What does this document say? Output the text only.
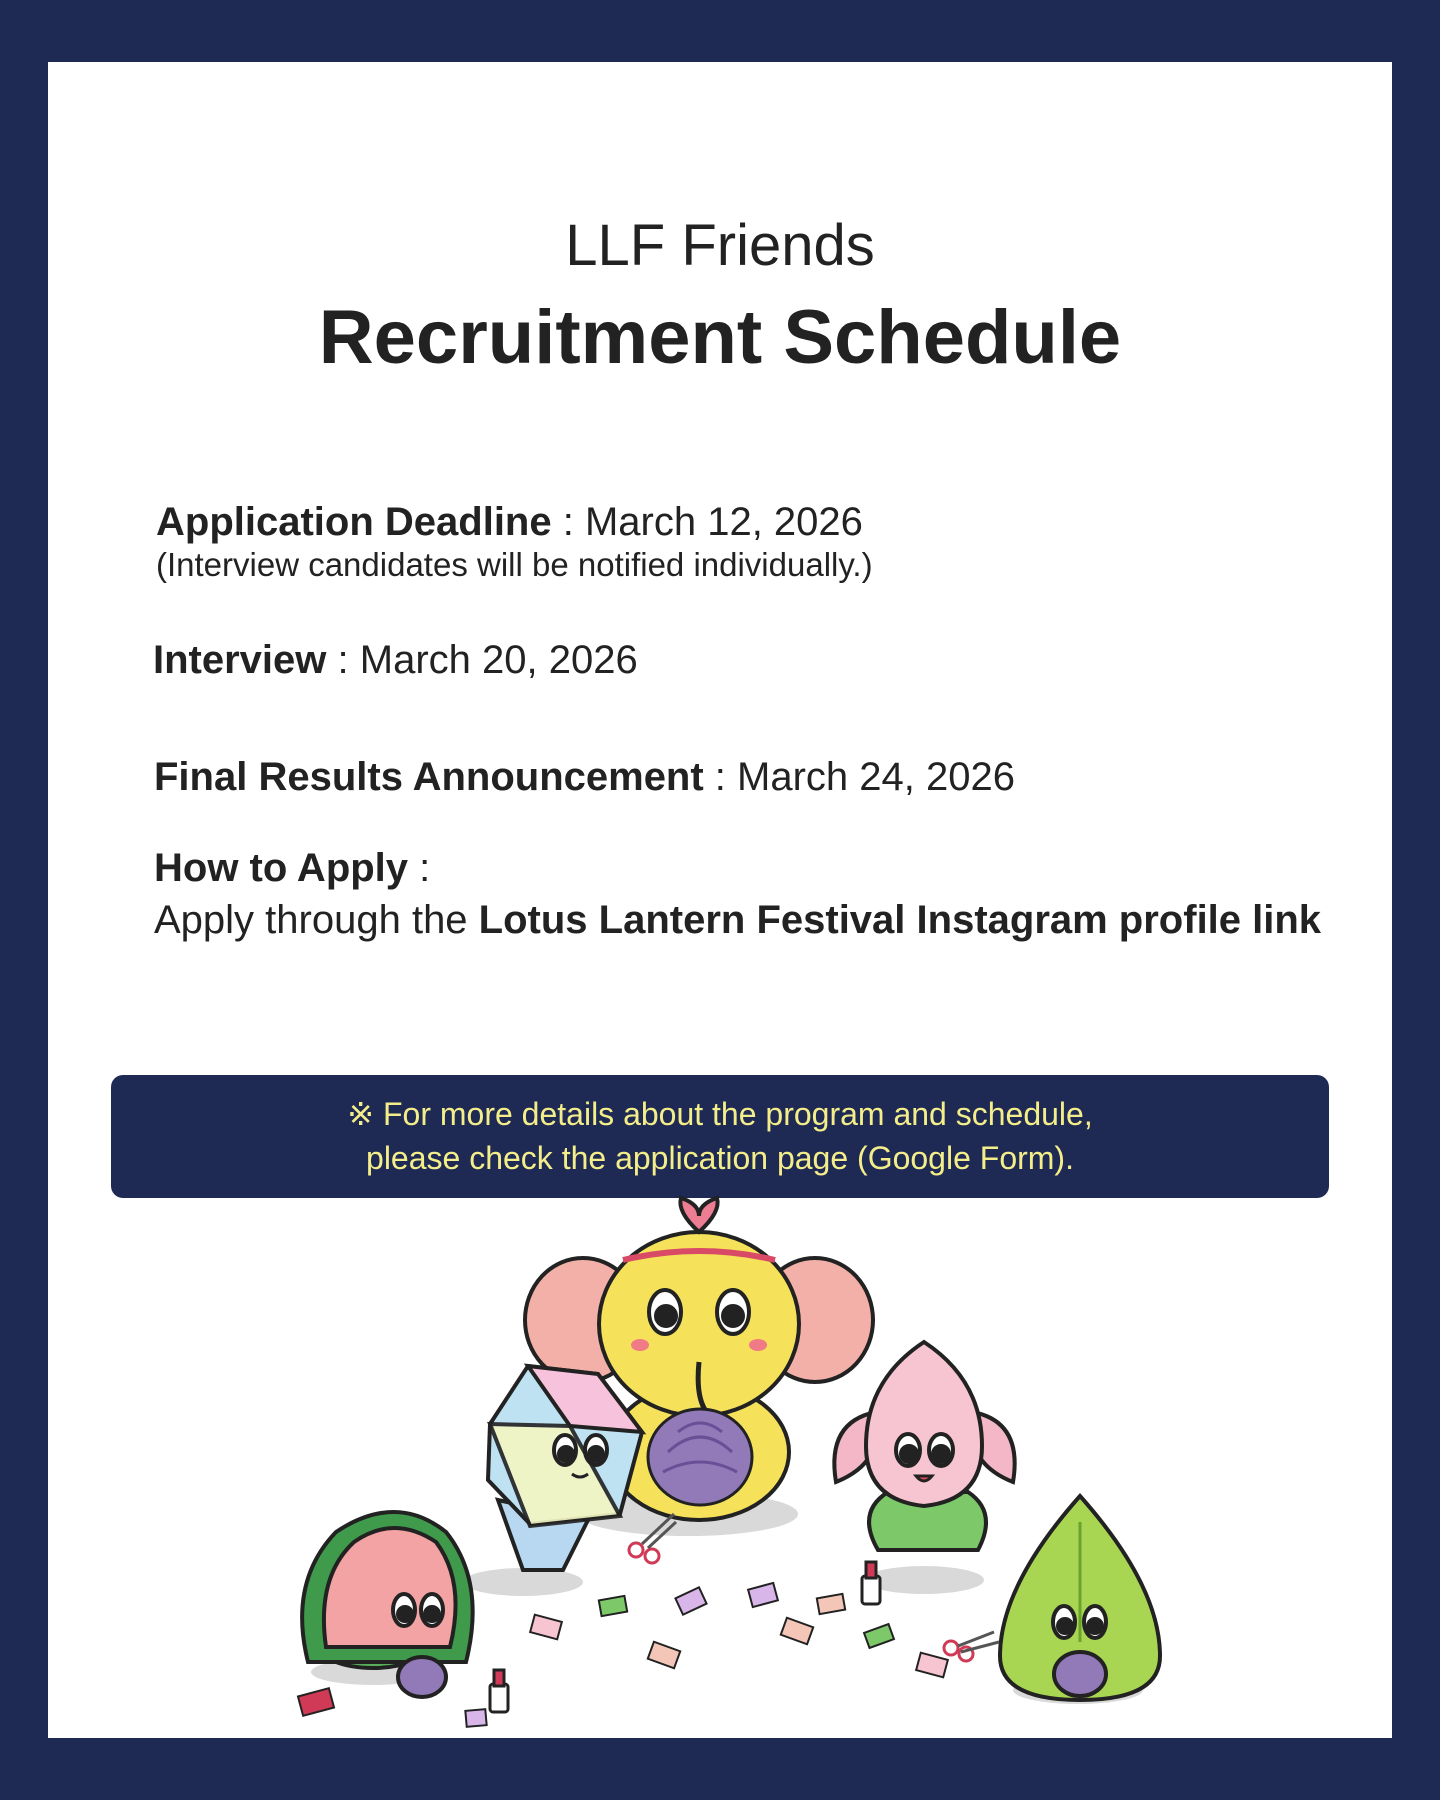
LLF Friends
Recruitment Schedule
Application Deadline : March 12, 2026
(Interview candidates will be notified individually.)
Interview : March 20, 2026
Final Results Announcement : March 24, 2026
How to Apply :
Apply through the Lotus Lantern Festival Instagram profile link
※ For more details about the program and schedule,
please check the application page (Google Form).
